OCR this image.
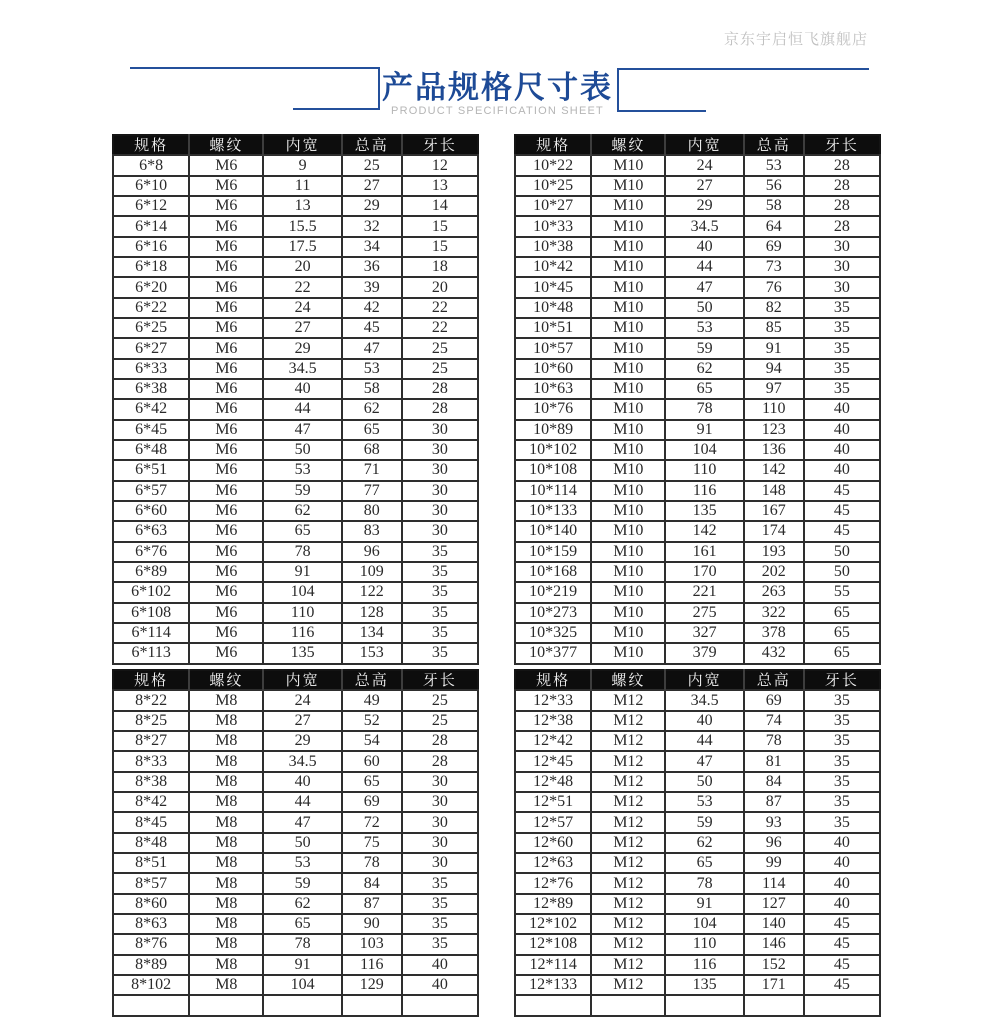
京东宇启恒飞旗舰店
产品规格尺寸表
PRODUCT SPECIFICATION SHEET
规格	螺纹	内宽	总高	牙长
6*8	M6	9	25	12
6*10	M6	11	27	13
6*12	M6	13	29	14
6*14	M6	15.5	32	15
6*16	M6	17.5	34	15
6*18	M6	20	36	18
6*20	M6	22	39	20
6*22	M6	24	42	22
6*25	M6	27	45	22
6*27	M6	29	47	25
6*33	M6	34.5	53	25
6*38	M6	40	58	28
6*42	M6	44	62	28
6*45	M6	47	65	30
6*48	M6	50	68	30
6*51	M6	53	71	30
6*57	M6	59	77	30
6*60	M6	62	80	30
6*63	M6	65	83	30
6*76	M6	78	96	35
6*89	M6	91	109	35
6*102	M6	104	122	35
6*108	M6	110	128	35
6*114	M6	116	134	35
6*113	M6	135	153	35
规格	螺纹	内宽	总高	牙长
10*22	M10	24	53	28
10*25	M10	27	56	28
10*27	M10	29	58	28
10*33	M10	34.5	64	28
10*38	M10	40	69	30
10*42	M10	44	73	30
10*45	M10	47	76	30
10*48	M10	50	82	35
10*51	M10	53	85	35
10*57	M10	59	91	35
10*60	M10	62	94	35
10*63	M10	65	97	35
10*76	M10	78	110	40
10*89	M10	91	123	40
10*102	M10	104	136	40
10*108	M10	110	142	40
10*114	M10	116	148	45
10*133	M10	135	167	45
10*140	M10	142	174	45
10*159	M10	161	193	50
10*168	M10	170	202	50
10*219	M10	221	263	55
10*273	M10	275	322	65
10*325	M10	327	378	65
10*377	M10	379	432	65
规格	螺纹	内宽	总高	牙长
8*22	M8	24	49	25
8*25	M8	27	52	25
8*27	M8	29	54	28
8*33	M8	34.5	60	28
8*38	M8	40	65	30
8*42	M8	44	69	30
8*45	M8	47	72	30
8*48	M8	50	75	30
8*51	M8	53	78	30
8*57	M8	59	84	35
8*60	M8	62	87	35
8*63	M8	65	90	35
8*76	M8	78	103	35
8*89	M8	91	116	40
8*102	M8	104	129	40

规格	螺纹	内宽	总高	牙长
12*33	M12	34.5	69	35
12*38	M12	40	74	35
12*42	M12	44	78	35
12*45	M12	47	81	35
12*48	M12	50	84	35
12*51	M12	53	87	35
12*57	M12	59	93	35
12*60	M12	62	96	40
12*63	M12	65	99	40
12*76	M12	78	114	40
12*89	M12	91	127	40
12*102	M12	104	140	45
12*108	M12	110	146	45
12*114	M12	116	152	45
12*133	M12	135	171	45
